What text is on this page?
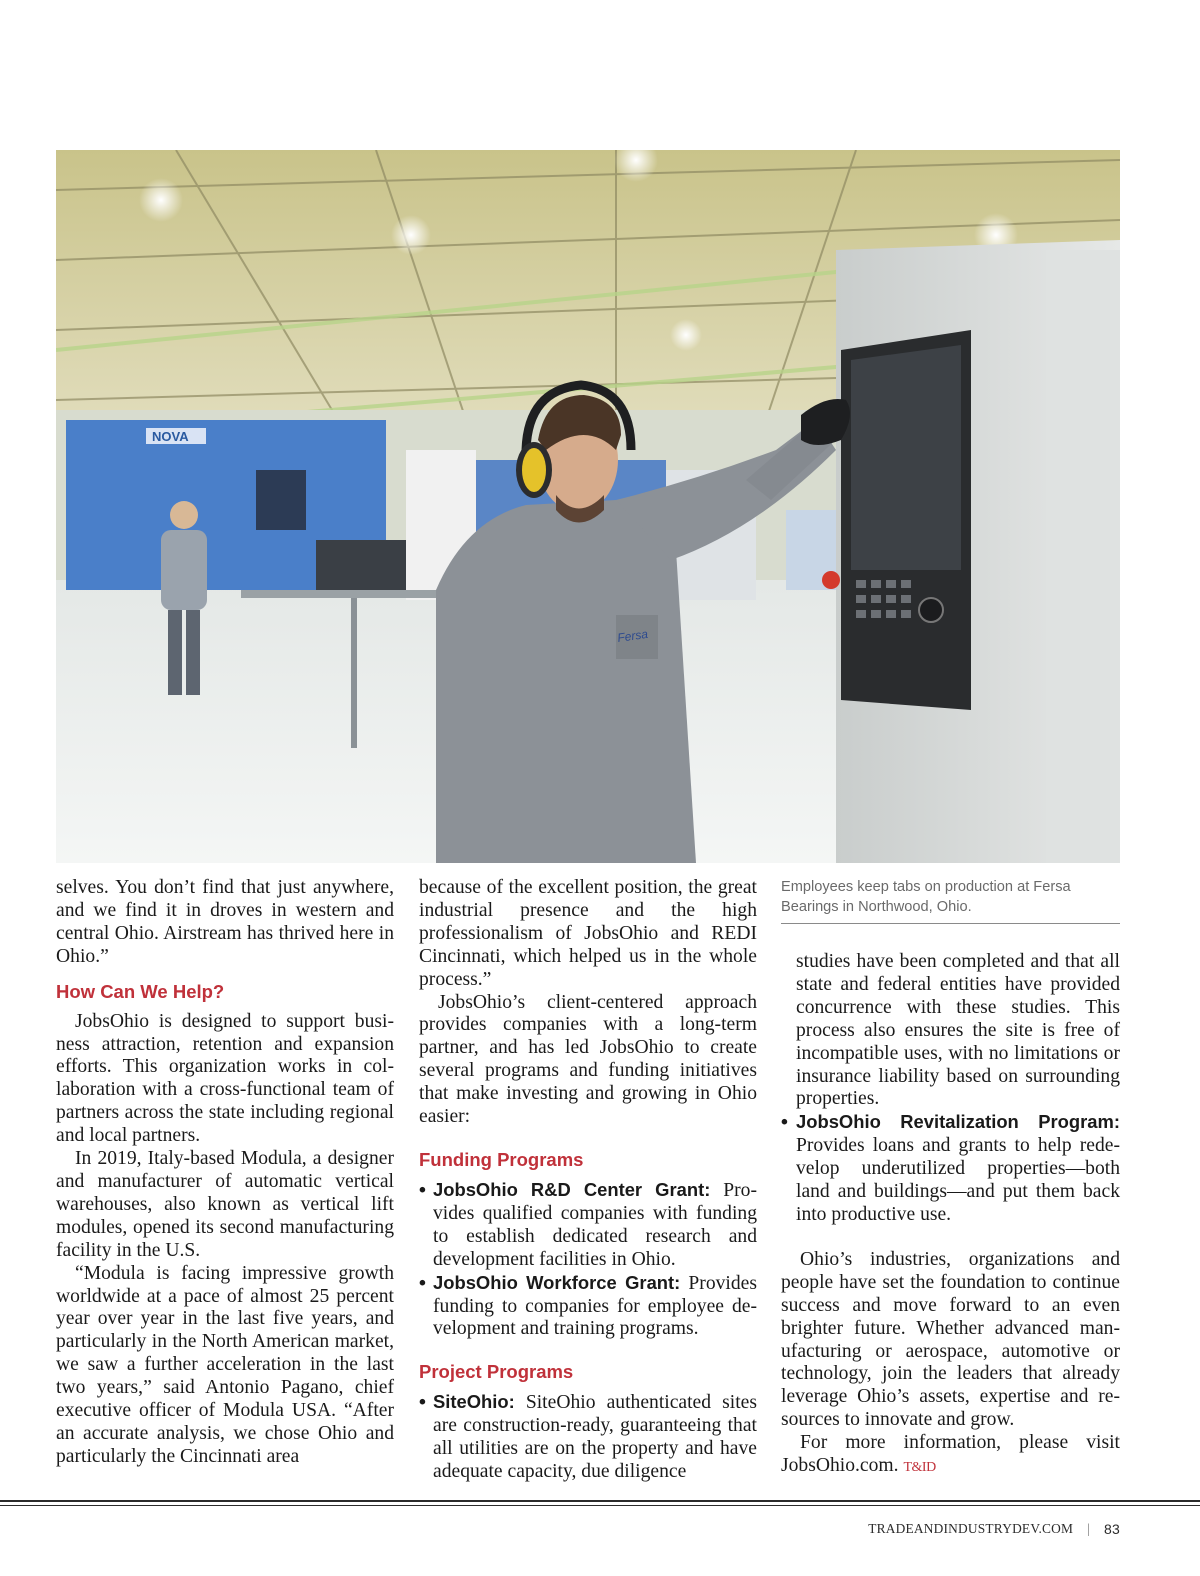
NOVA
Fersa

selves. You don’t find that just anywhere, and we find it in droves in western and central Ohio. Airstream has thrived here in Ohio.”

How Can We Help?

JobsOhio is designed to support business attraction, retention and expansion efforts. This organization works in collaboration with a cross-functional team of partners across the state including regional and local partners.

In 2019, Italy-based Modula, a designer and manufacturer of automatic vertical warehouses, also known as vertical lift modules, opened its second manufacturing facility in the U.S.

“Modula is facing impressive growth worldwide at a pace of almost 25 percent year over year in the last five years, and particularly in the North American market, we saw a further acceleration in the last two years,” said Antonio Pagano, chief executive officer of Modula USA. “After an accurate analysis, we chose Ohio and particularly the Cincinnati area

because of the excellent position, the great industrial presence and the high professionalism of JobsOhio and REDI Cincinnati, which helped us in the whole process.”

JobsOhio’s client-centered approach provides companies with a long-term partner, and has led JobsOhio to create several programs and funding initiatives that make investing and growing in Ohio easier:

Funding Programs
• JobsOhio R&D Center Grant: Provides qualified companies with funding to establish dedicated research and development facilities in Ohio.
• JobsOhio Workforce Grant: Provides funding to companies for employee development and training programs.
Project Programs
• SiteOhio: SiteOhio authenticated sites are construction-ready, guaranteeing that all utilities are on the property and have adequate capacity, due diligence
Employees keep tabs on production at Fersa Bearings in Northwood, Ohio.
studies have been completed and that all state and federal entities have provided concurrence with these studies. This process also ensures the site is free of incompatible uses, with no limitations or insurance liability based on surrounding properties.
• JobsOhio Revitalization Program: Provides loans and grants to help redevelop underutilized properties—both land and buildings—and put them back into productive use.

Ohio’s industries, organizations and people have set the foundation to continue success and move forward to an even brighter future. Whether advanced manufacturing or aerospace, automotive or technology, join the leaders that already leverage Ohio’s assets, expertise and resources to innovate and grow.

For more information, please visit JobsOhio.com. T&ID

TRADEANDINDUSTRYDEV.COM | 83
